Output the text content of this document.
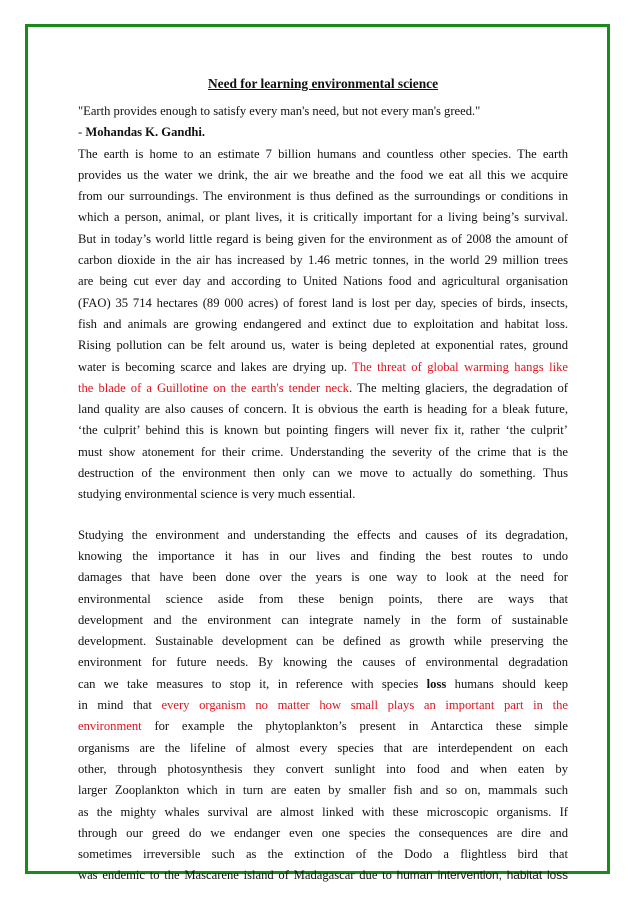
Need for learning environmental science
"Earth provides enough to satisfy every man's need, but not every man's greed."
- Mohandas K. Gandhi.
The earth is home to an estimate 7 billion humans and countless other species. The earth
provides us the water we drink, the air we breathe and the food we eat all this we acquire
from our surroundings. The environment is thus defined as the surroundings or conditions in
which a person, animal, or plant lives, it is critically important for a living being’s survival.
But in today’s world little regard is being given for the environment as of 2008 the amount of
carbon dioxide in the air has increased by 1.46 metric tonnes, in the world 29 million trees
are being cut ever day and according to United Nations food and agricultural organisation
(FAO) 35 714 hectares (89 000 acres) of forest land is lost per day, species of birds, insects,
fish and animals are growing endangered and extinct due to exploitation and habitat loss.
Rising pollution can be felt around us, water is being depleted at exponential rates, ground
water is becoming scarce and lakes are drying up. The threat of global warming hangs like
the blade of a Guillotine on the earth's tender neck. The melting glaciers, the degradation of
land quality are also causes of concern. It is obvious the earth is heading for a bleak future,
‘the culprit’ behind this is known but pointing fingers will never fix it, rather ‘the culprit’
must show atonement for their crime. Understanding the severity of the crime that is the
destruction of the environment then only can we move to actually do something. Thus
studying environmental science is very much essential.
Studying the environment and understanding the effects and causes of its degradation,
knowing the importance it has in our lives and finding the best routes to undo
damages that have been done over the years is one way to look at the need for
environmental science aside from these benign points, there are ways that
development and the environment can integrate namely in the form of sustainable
development. Sustainable development can be defined as growth while preserving the
environment for future needs. By knowing the causes of environmental degradation
can we take measures to stop it, in reference with species loss humans should keep
in mind that every organism no matter how small plays an important part in the
environment for example the phytoplankton’s present in Antarctica these simple
organisms are the lifeline of almost every species that are interdependent on each
other, through photosynthesis they convert sunlight into food and when eaten by
larger Zooplankton which in turn are eaten by smaller fish and so on, mammals such
as the mighty whales survival are almost linked with these microscopic organisms. If
through our greed do we endanger even one species the consequences are dire and
sometimes irreversible such as the extinction of the Dodo a flightless bird that
was endemic to the Mascarene island of Madagascar due to human intervention, habitat loss
